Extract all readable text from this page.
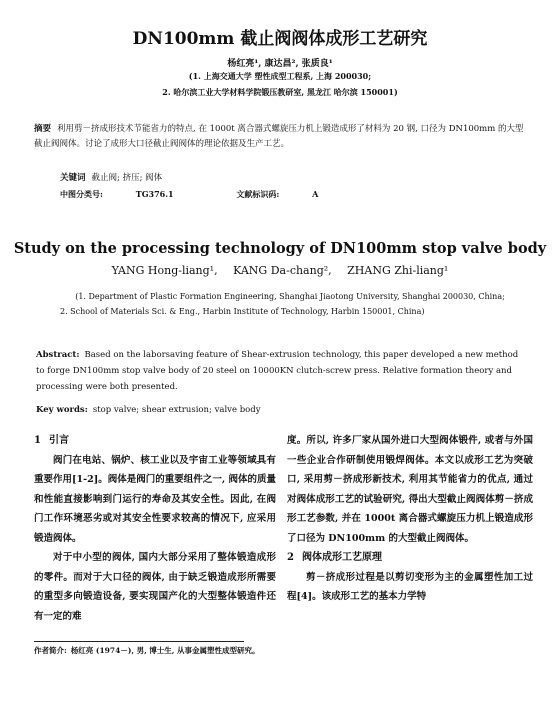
DN100mm 截止阀阀体成形工艺研究
杨红亮¹, 康达昌², 张质良¹
(1. 上海交通大学 塑性成型工程系, 上海 200030;
2. 哈尔滨工业大学材料学院锻压教研室, 黑龙江 哈尔滨 150001)
摘要 利用剪－挤成形技术节能省力的特点, 在 1000t 离合器式螺旋压力机上锻造成形了材料为 20 钢, 口径为 DN100mm 的大型截止阀阀体。讨论了成形大口径截止阀阀体的理论依据及生产工艺。
关键词 截止阀; 挤压; 阀体
中图分类号:	TG376.1	文献标识码:	A
Study on the processing technology of DN100mm stop valve body
YANG Hong-liang¹, KANG Da-chang², ZHANG Zhi-liang¹
(1. Department of Plastic Formation Engineering, Shanghai Jiaotong University, Shanghai 200030, China;
2. School of Materials Sci. & Eng., Harbin Institute of Technology, Harbin 150001, China)
Abstract: Based on the laborsaving feature of Shear-extrusion technology, this paper developed a new method to forge DN100mm stop valve body of 20 steel on 10000KN clutch-screw press. Relative formation theory and processing were both presented.
Key words: stop valve; shear extrusion; valve body

1 引言

阀门在电站、锅炉、核工业以及宇宙工业等领域具有重要作用[1-2]。阀体是阀门的重要组件之一, 阀体的质量和性能直接影响到门运行的寿命及其安全性。因此, 在阀门工作环境恶劣或对其安全性要求较高的情况下, 应采用锻造阀体。

对于中小型的阀体, 国内大部分采用了整体锻造成形的零件。而对于大口径的阀体, 由于缺乏锻造成形所需要的重型多向锻造设备, 要实现国产化的大型整体锻造件还有一定的难

度。所以, 许多厂家从国外进口大型阀体锻件, 或者与外国一些企业合作研制使用锻焊阀体。本文以成形工艺为突破口, 采用剪－挤成形新技术, 利用其节能省力的优点, 通过对阀体成形工艺的试验研究, 得出大型截止阀阀体剪－挤成形工艺参数, 并在 1000t 离合器式螺旋压力机上锻造成形了口径为 DN100mm 的大型截止阀阀体。

2 阀体成形工艺原理

剪－挤成形过程是以剪切变形为主的金属塑性加工过程[4]。该成形工艺的基本力学特

作者简介: 杨红亮 (1974－), 男, 博士生, 从事金属塑性成型研究。
